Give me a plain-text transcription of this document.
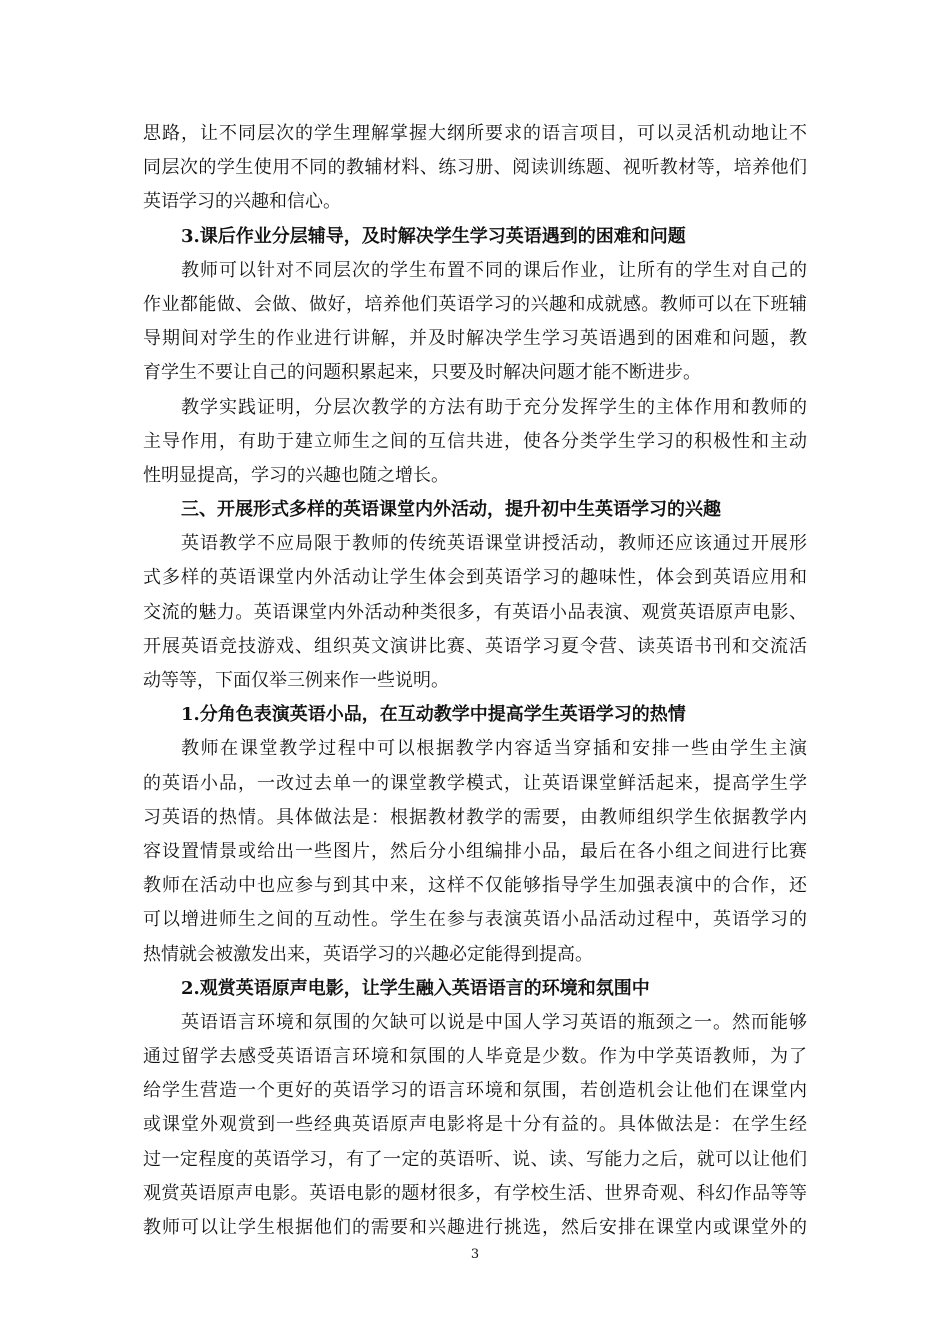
思路，让不同层次的学生理解掌握大纲所要求的语言项目，可以灵活机动地让不
同层次的学生使用不同的教辅材料、练习册、阅读训练题、视听教材等，培养他们
英语学习的兴趣和信心。
3.课后作业分层辅导，及时解决学生学习英语遇到的困难和问题
教师可以针对不同层次的学生布置不同的课后作业，让所有的学生对自己的
作业都能做、会做、做好，培养他们英语学习的兴趣和成就感。教师可以在下班辅
导期间对学生的作业进行讲解，并及时解决学生学习英语遇到的困难和问题，教
育学生不要让自己的问题积累起来，只要及时解决问题才能不断进步。
教学实践证明，分层次教学的方法有助于充分发挥学生的主体作用和教师的
主导作用，有助于建立师生之间的互信共进，使各分类学生学习的积极性和主动
性明显提高，学习的兴趣也随之增长。
三、开展形式多样的英语课堂内外活动，提升初中生英语学习的兴趣
英语教学不应局限于教师的传统英语课堂讲授活动，教师还应该通过开展形
式多样的英语课堂内外活动让学生体会到英语学习的趣味性，体会到英语应用和
交流的魅力。英语课堂内外活动种类很多，有英语小品表演、观赏英语原声电影、
开展英语竞技游戏、组织英文演讲比赛、英语学习夏令营、读英语书刊和交流活
动等等，下面仅举三例来作一些说明。
1.分角色表演英语小品，在互动教学中提高学生英语学习的热情
教师在课堂教学过程中可以根据教学内容适当穿插和安排一些由学生主演
的英语小品，一改过去单一的课堂教学模式，让英语课堂鲜活起来，提高学生学
习英语的热情。具体做法是：根据教材教学的需要，由教师组织学生依据教学内
容设置情景或给出一些图片，然后分小组编排小品，最后在各小组之间进行比赛
教师在活动中也应参与到其中来，这样不仅能够指导学生加强表演中的合作，还
可以增进师生之间的互动性。学生在参与表演英语小品活动过程中，英语学习的
热情就会被激发出来，英语学习的兴趣必定能得到提高。
2.观赏英语原声电影，让学生融入英语语言的环境和氛围中
英语语言环境和氛围的欠缺可以说是中国人学习英语的瓶颈之一。然而能够
通过留学去感受英语语言环境和氛围的人毕竟是少数。作为中学英语教师，为了
给学生营造一个更好的英语学习的语言环境和氛围，若创造机会让他们在课堂内
或课堂外观赏到一些经典英语原声电影将是十分有益的。具体做法是：在学生经
过一定程度的英语学习，有了一定的英语听、说、读、写能力之后，就可以让他们
观赏英语原声电影。英语电影的题材很多，有学校生活、世界奇观、科幻作品等等
教师可以让学生根据他们的需要和兴趣进行挑选，然后安排在课堂内或课堂外的
3
